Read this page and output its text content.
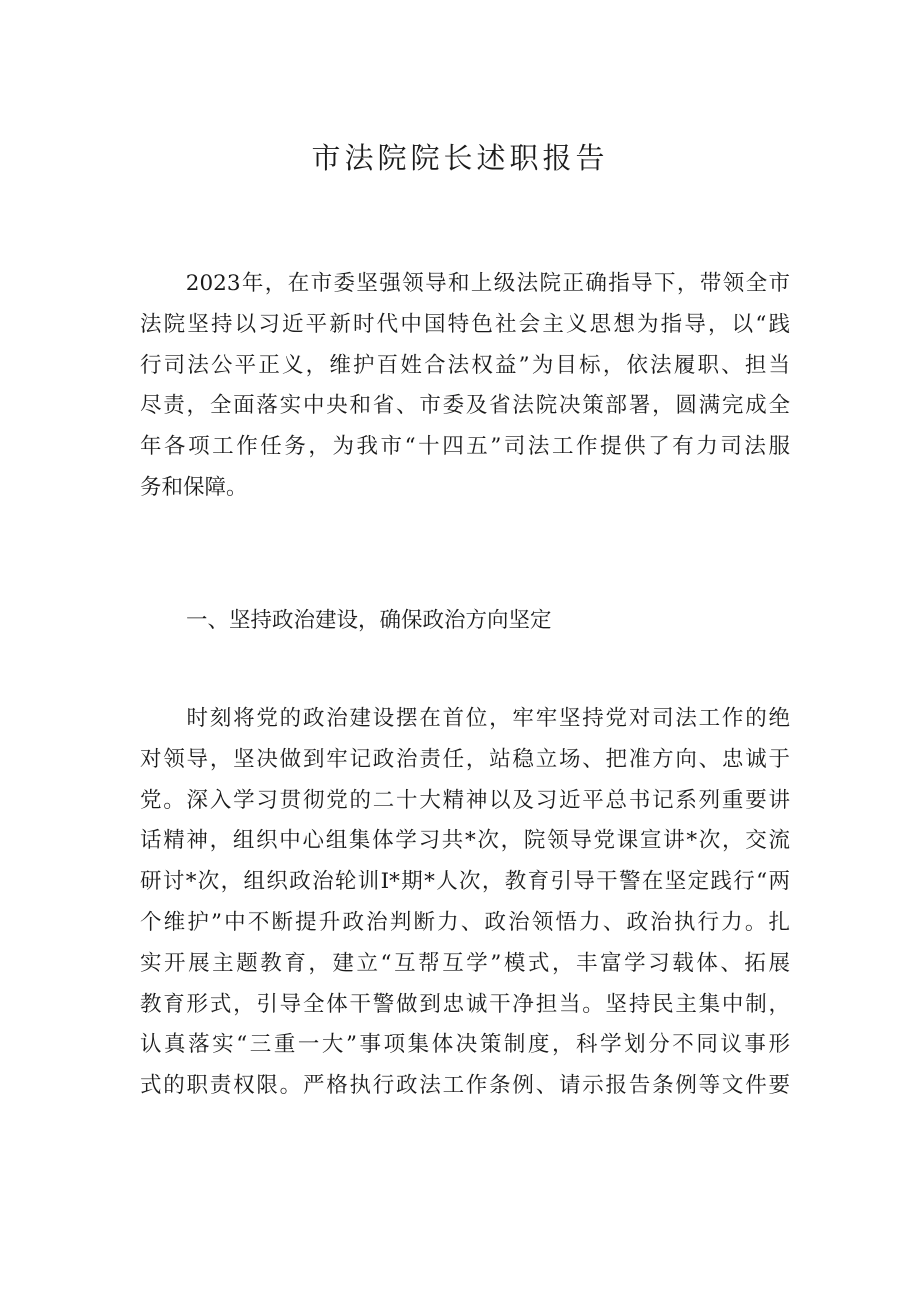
市法院院长述职报告
　　2023年，在市委坚强领导和上级法院正确指导下，带领全市
法院坚持以习近平新时代中国特色社会主义思想为指导，以“践
行司法公平正义，维护百姓合法权益”为目标，依法履职、担当
尽责，全面落实中央和省、市委及省法院决策部署，圆满完成全
年各项工作任务，为我市“十四五”司法工作提供了有力司法服
务和保障。
一、坚持政治建设，确保政治方向坚定
　　时刻将党的政治建设摆在首位，牢牢坚持党对司法工作的绝
对领导，坚决做到牢记政治责任，站稳立场、把准方向、忠诚于
党。深入学习贯彻党的二十大精神以及习近平总书记系列重要讲
话精神，组织中心组集体学习共*次，院领导党课宣讲*次，交流
研讨*次，组织政治轮训I*期*人次，教育引导干警在坚定践行“两
个维护”中不断提升政治判断力、政治领悟力、政治执行力。扎
实开展主题教育，建立“互帮互学”模式，丰富学习载体、拓展
教育形式，引导全体干警做到忠诚干净担当。坚持民主集中制，
认真落实“三重一大”事项集体决策制度，科学划分不同议事形
式的职责权限。严格执行政法工作条例、请示报告条例等文件要
